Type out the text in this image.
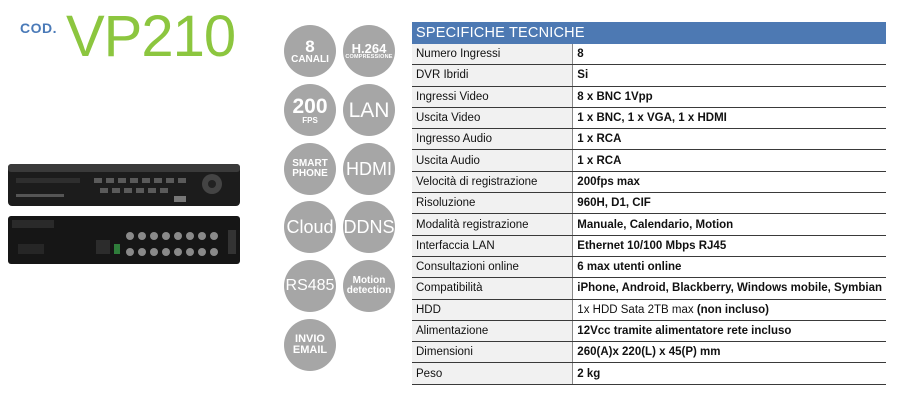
COD. VP210	8
CANALI
H.264
COMPRESSIONE
200
FPS LAN
SMART
PHONE HDMI
Cloud DDNS
RS485 Motion
detection
INVIO
EMAIL
SPECIFICHE TECNICHE	
Numero Ingressi	8
DVR Ibridi	Si
Ingressi Video	8 x BNC 1Vpp
Uscita Video	1 x BNC, 1 x VGA, 1 x HDMI
Ingresso Audio	1 x RCA
Uscita Audio	1 x RCA
Velocità di registrazione	200fps max
Risoluzione	960H, D1, CIF
Modalità registrazione	Manuale, Calendario, Motion
Interfaccia LAN	Ethernet 10/100 Mbps RJ45
Consultazioni online	6 max utenti online
Compatibilità	iPhone, Android, Blackberry, Windows mobile, Symbian
HDD	1x HDD Sata 2TB max (non incluso)
Alimentazione	12Vcc tramite alimentatore rete incluso
Dimensioni	260(A)x 220(L) x 45(P) mm
Peso	2 kg
